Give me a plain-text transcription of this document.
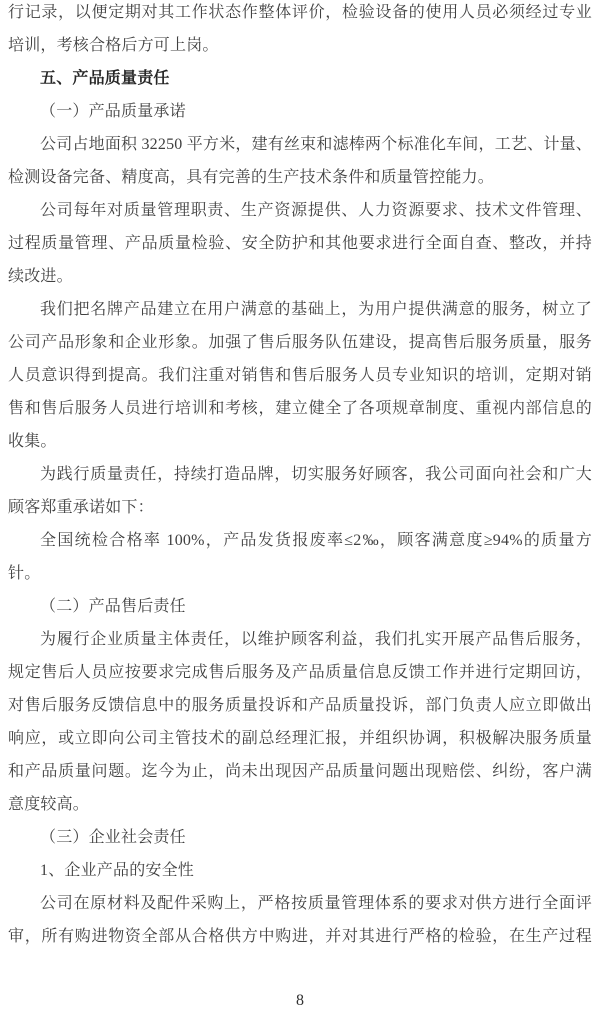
行记录，以便定期对其工作状态作整体评价，检验设备的使用人员必须经过专业
培训，考核合格后方可上岗。
五、产品质量责任
（一）产品质量承诺
公司占地面积 32250 平方米，建有丝束和滤棒两个标准化车间，工艺、计量、
检测设备完备、精度高，具有完善的生产技术条件和质量管控能力。
公司每年对质量管理职责、生产资源提供、人力资源要求、技术文件管理、
过程质量管理、产品质量检验、安全防护和其他要求进行全面自查、整改，并持
续改进。
我们把名牌产品建立在用户满意的基础上，为用户提供满意的服务，树立了
公司产品形象和企业形象。加强了售后服务队伍建设，提高售后服务质量，服务
人员意识得到提高。我们注重对销售和售后服务人员专业知识的培训，定期对销
售和售后服务人员进行培训和考核，建立健全了各项规章制度、重视内部信息的
收集。
为践行质量责任，持续打造品牌，切实服务好顾客，我公司面向社会和广大
顾客郑重承诺如下：
全国统检合格率 100%，产品发货报废率≤2‰，顾客满意度≥94%的质量方
针。
（二）产品售后责任
为履行企业质量主体责任，以维护顾客利益，我们扎实开展产品售后服务，
规定售后人员应按要求完成售后服务及产品质量信息反馈工作并进行定期回访，
对售后服务反馈信息中的服务质量投诉和产品质量投诉，部门负责人应立即做出
响应，或立即向公司主管技术的副总经理汇报，并组织协调，积极解决服务质量
和产品质量问题。迄今为止，尚未出现因产品质量问题出现赔偿、纠纷，客户满
意度较高。
（三）企业社会责任
1、企业产品的安全性
公司在原材料及配件采购上，严格按质量管理体系的要求对供方进行全面评
审，所有购进物资全部从合格供方中购进，并对其进行严格的检验，在生产过程
8
